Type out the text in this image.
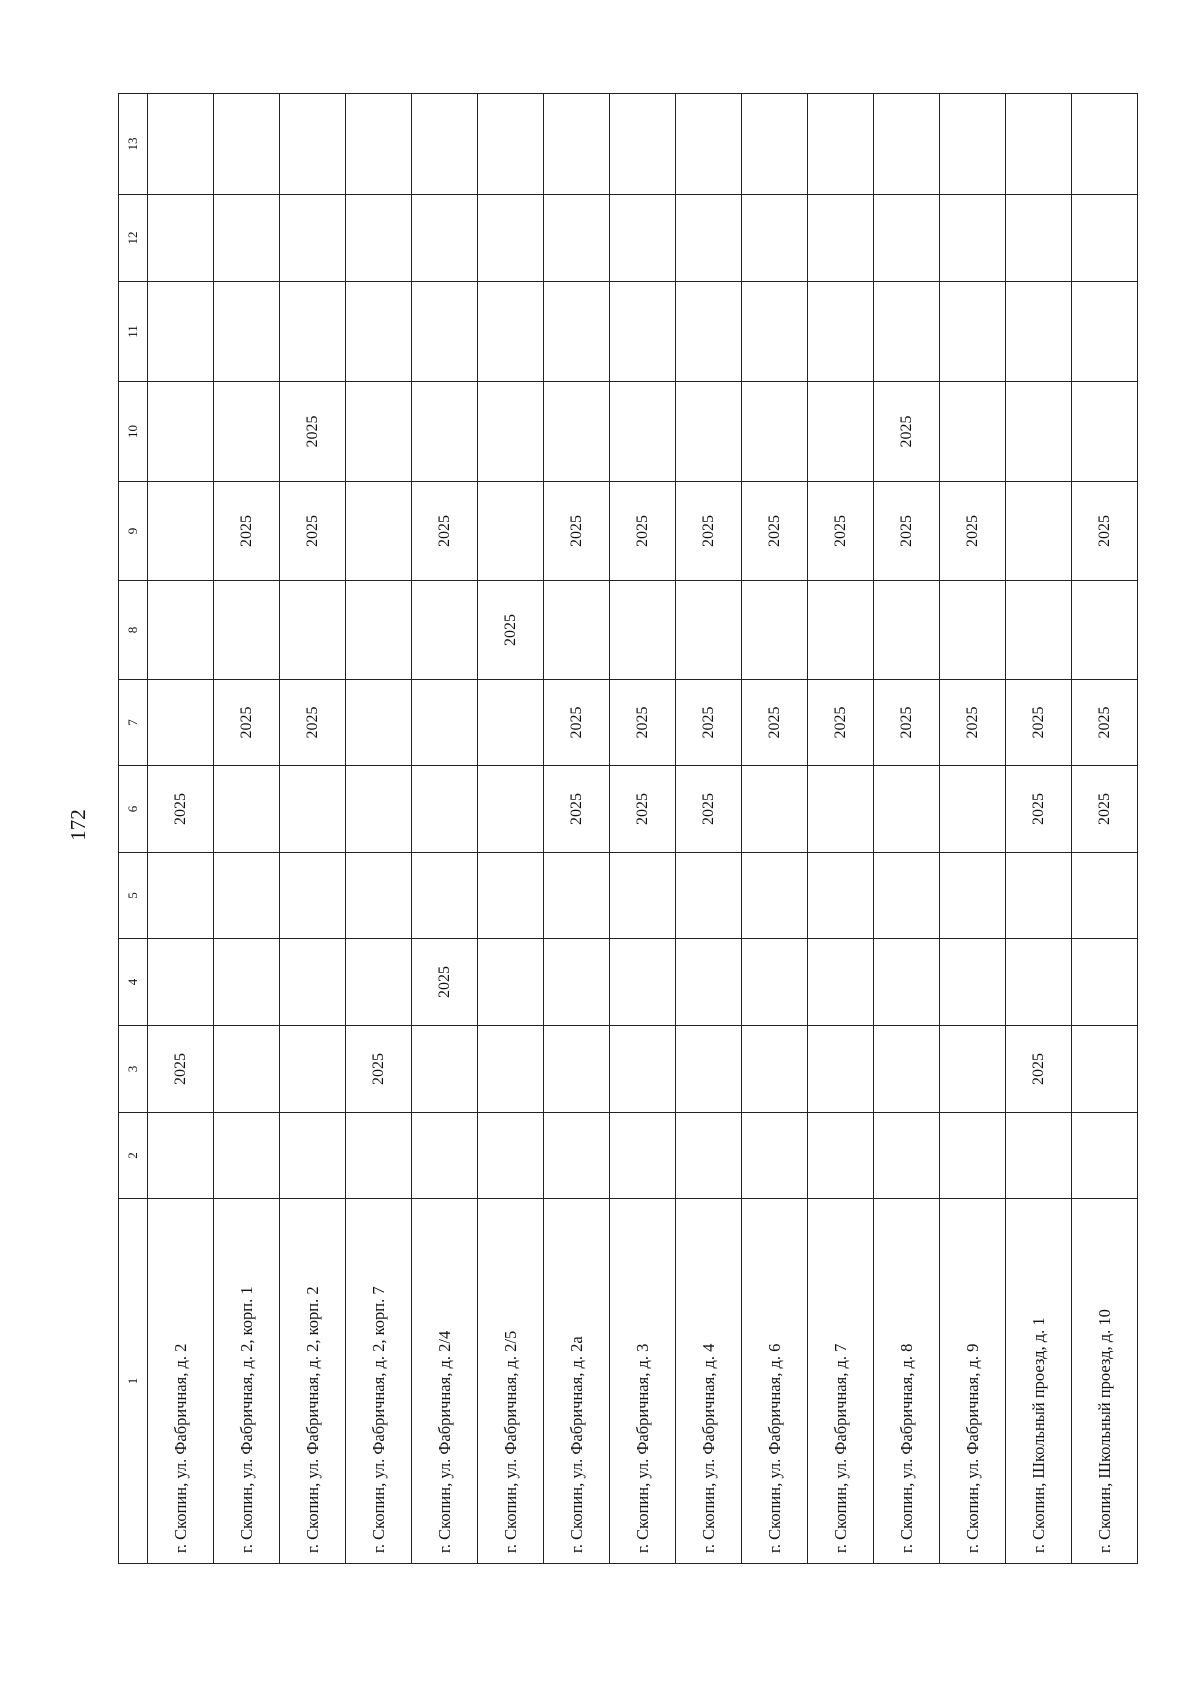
172
1	2	3	4	5	6	7	8	9	10	11	12	13
г. Скопин, ул. Фабричная, д. 2		2025			2025							
г. Скопин, ул. Фабричная, д. 2, корп. 1						2025		2025				
г. Скопин, ул. Фабричная, д. 2, корп. 2						2025		2025	2025			
г. Скопин, ул. Фабричная, д. 2, корп. 7		2025										
г. Скопин, ул. Фабричная, д. 2/4			2025					2025				
г. Скопин, ул. Фабричная, д. 2/5							2025					
г. Скопин, ул. Фабричная, д. 2а					2025	2025		2025				
г. Скопин, ул. Фабричная, д. 3					2025	2025		2025				
г. Скопин, ул. Фабричная, д. 4					2025	2025		2025				
г. Скопин, ул. Фабричная, д. 6						2025		2025				
г. Скопин, ул. Фабричная, д. 7						2025		2025				
г. Скопин, ул. Фабричная, д. 8						2025		2025	2025			
г. Скопин, ул. Фабричная, д. 9						2025		2025				
г. Скопин, Школьный проезд, д. 1		2025			2025	2025						
г. Скопин, Школьный проезд, д. 10					2025	2025		2025				
